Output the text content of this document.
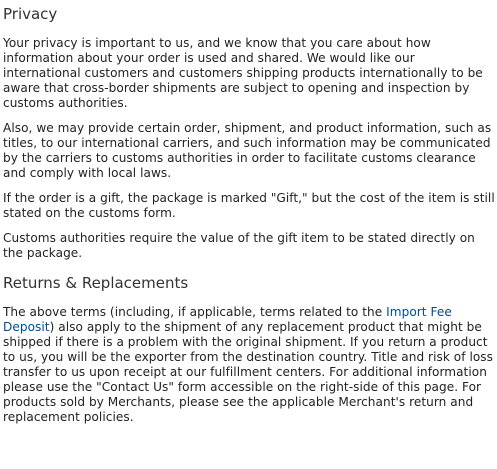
Privacy

Your privacy is important to us, and we know that you care about how information about your order is used and shared. We would like our international customers and customers shipping products internationally to be aware that cross-border shipments are subject to opening and inspection by customs authorities.

Also, we may provide certain order, shipment, and product information, such as titles, to our international carriers, and such information may be communicated by the carriers to customs authorities in order to facilitate customs clearance and comply with local laws.

If the order is a gift, the package is marked "Gift," but the cost of the item is still stated on the customs form.

Customs authorities require the value of the gift item to be stated directly on the package.

Returns & Replacements

The above terms (including, if applicable, terms related to the Import Fee Deposit) also apply to the shipment of any replacement product that might be shipped if there is a problem with the original shipment. If you return a product to us, you will be the exporter from the destination country. Title and risk of loss transfer to us upon receipt at our fulfillment centers. For additional information please use the "Contact Us" form accessible on the right-side of this page. For products sold by Merchants, please see the applicable Merchant's return and replacement policies.
